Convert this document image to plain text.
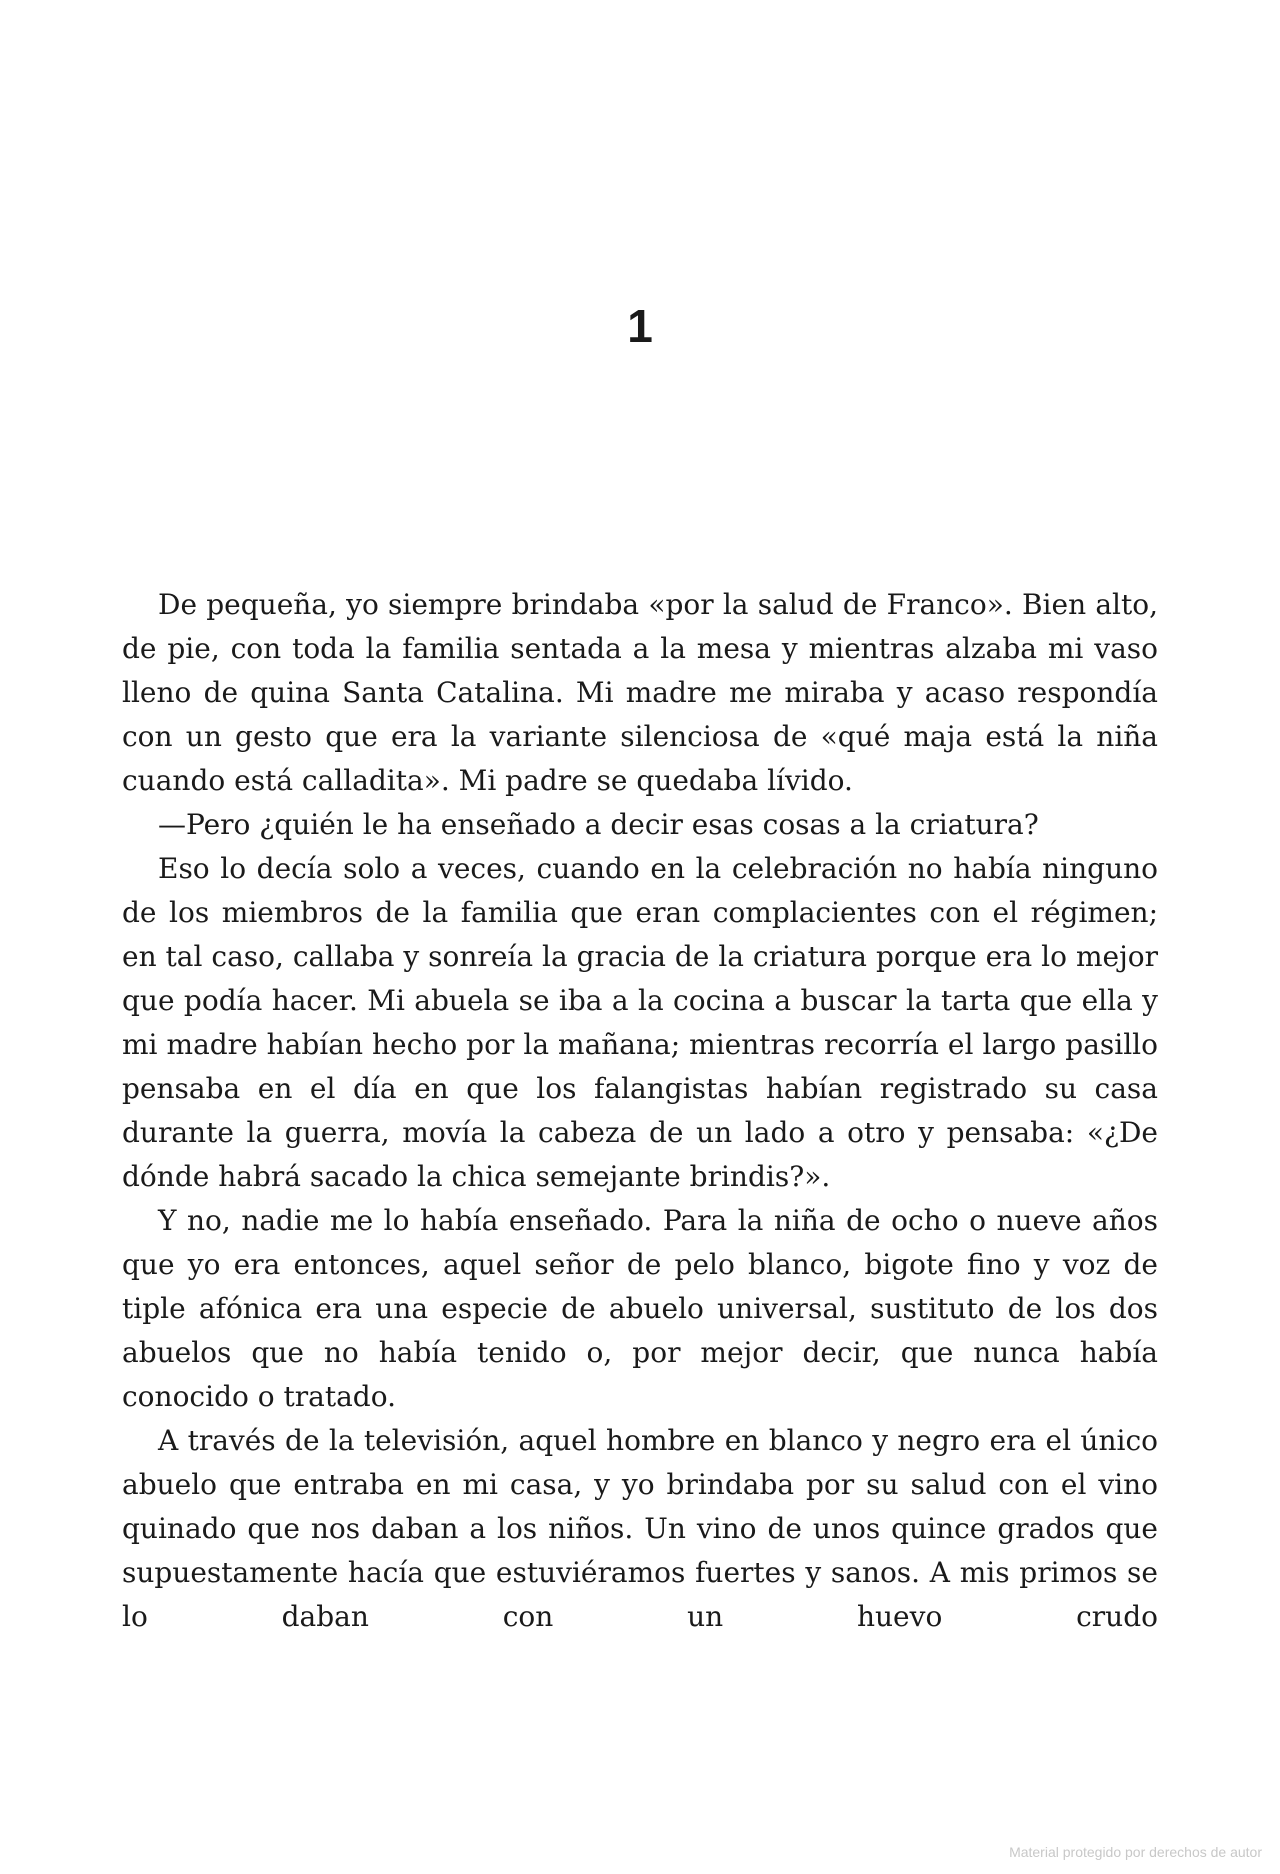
1

De pequeña, yo siempre brindaba «por la salud de Franco». Bien alto, de pie, con toda la familia sentada a la mesa y mientras alzaba mi vaso lleno de quina Santa Catalina. Mi madre me miraba y acaso respondía con un gesto que era la variante silenciosa de «qué maja está la niña cuando está calladita». Mi padre se quedaba lívido.

—Pero ¿quién le ha enseñado a decir esas cosas a la criatura?

Eso lo decía solo a veces, cuando en la celebración no había ninguno de los miembros de la familia que eran complacientes con el régimen; en tal caso, callaba y sonreía la gracia de la criatura porque era lo mejor que podía hacer. Mi abuela se iba a la cocina a buscar la tarta que ella y mi madre habían hecho por la mañana; mientras recorría el largo pasillo pensaba en el día en que los falangistas habían registrado su casa durante la guerra, movía la cabeza de un lado a otro y pensaba: «¿De dónde habrá sacado la chica semejante brindis?».

Y no, nadie me lo había enseñado. Para la niña de ocho o nueve años que yo era entonces, aquel señor de pelo blanco, bigote fino y voz de tiple afónica era una especie de abuelo universal, sustituto de los dos abuelos que no había tenido o, por mejor decir, que nunca había conocido o tratado.

A través de la televisión, aquel hombre en blanco y negro era el único abuelo que entraba en mi casa, y yo brindaba por su salud con el vino quinado que nos daban a los niños. Un vino de unos quince grados que supuestamente hacía que estuviéramos fuertes y sanos. A mis primos se lo daban con un huevo crudo

Material protegido por derechos de autor
